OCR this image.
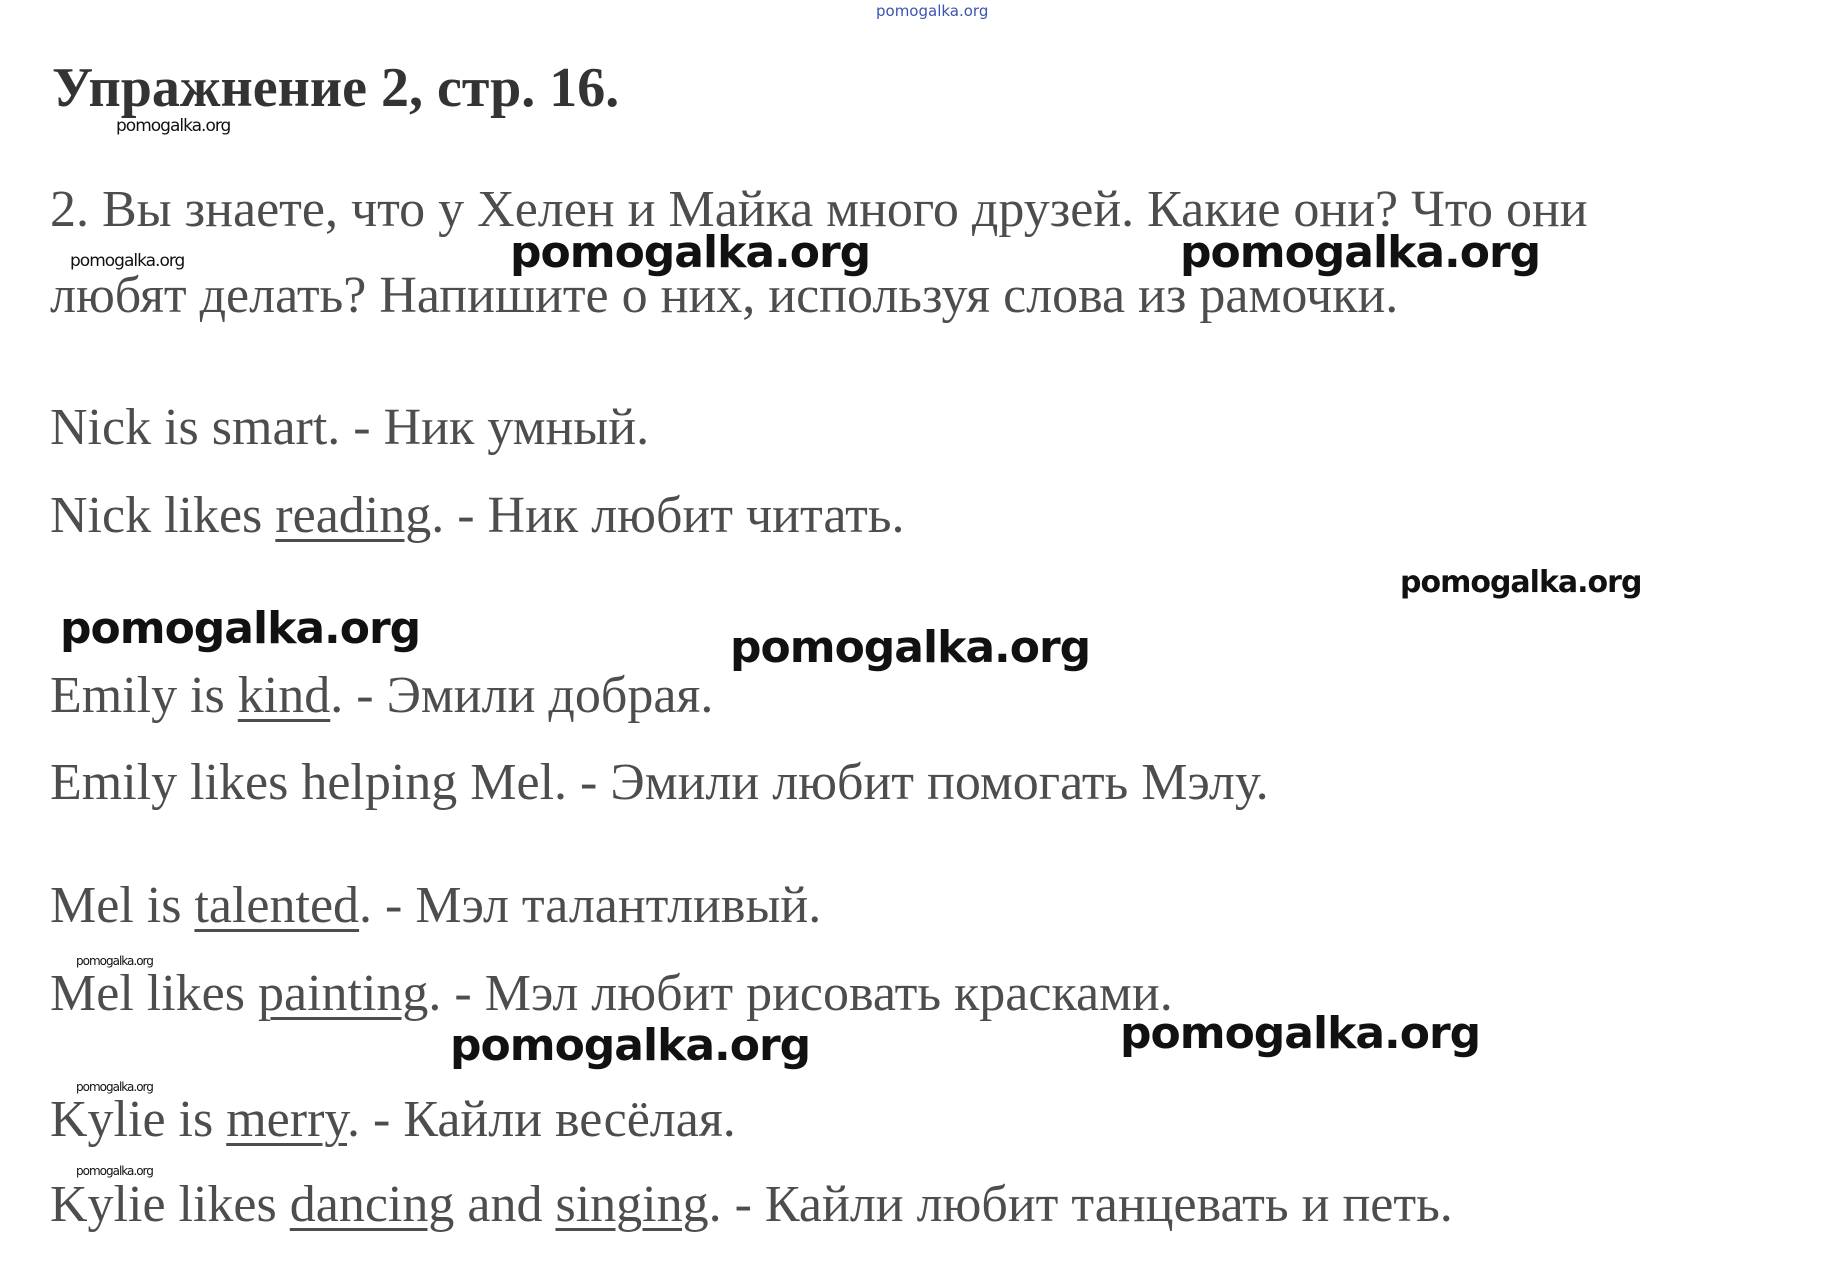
pomogalka.org
Упражнение 2, стр. 16.

2. Вы знаете, что у Хелен и Майка много друзей. Какие они? Что они

любят делать? Напишите о них, используя слова из рамочки.

Nick is smart. - Ник умный.

Nick likes reading. - Ник любит читать.

Emily is kind. - Эмили добрая.

Emily likes helping Mel. - Эмили любит помогать Мэлу.

Mel is talented. - Мэл талантливый.

Mel likes painting. - Мэл любит рисовать красками.

Kylie is merry. - Кайли весёлая.

Kylie likes dancing and singing. - Кайли любит танцевать и петь.

pomogalka.org
pomogalka.org	pomogalka.org	pomogalka.org
pomogalka.org
pomogalka.org	pomogalka.org
pomogalka.org
pomogalka.org	pomogalka.org
pomogalka.org
pomogalka.org
